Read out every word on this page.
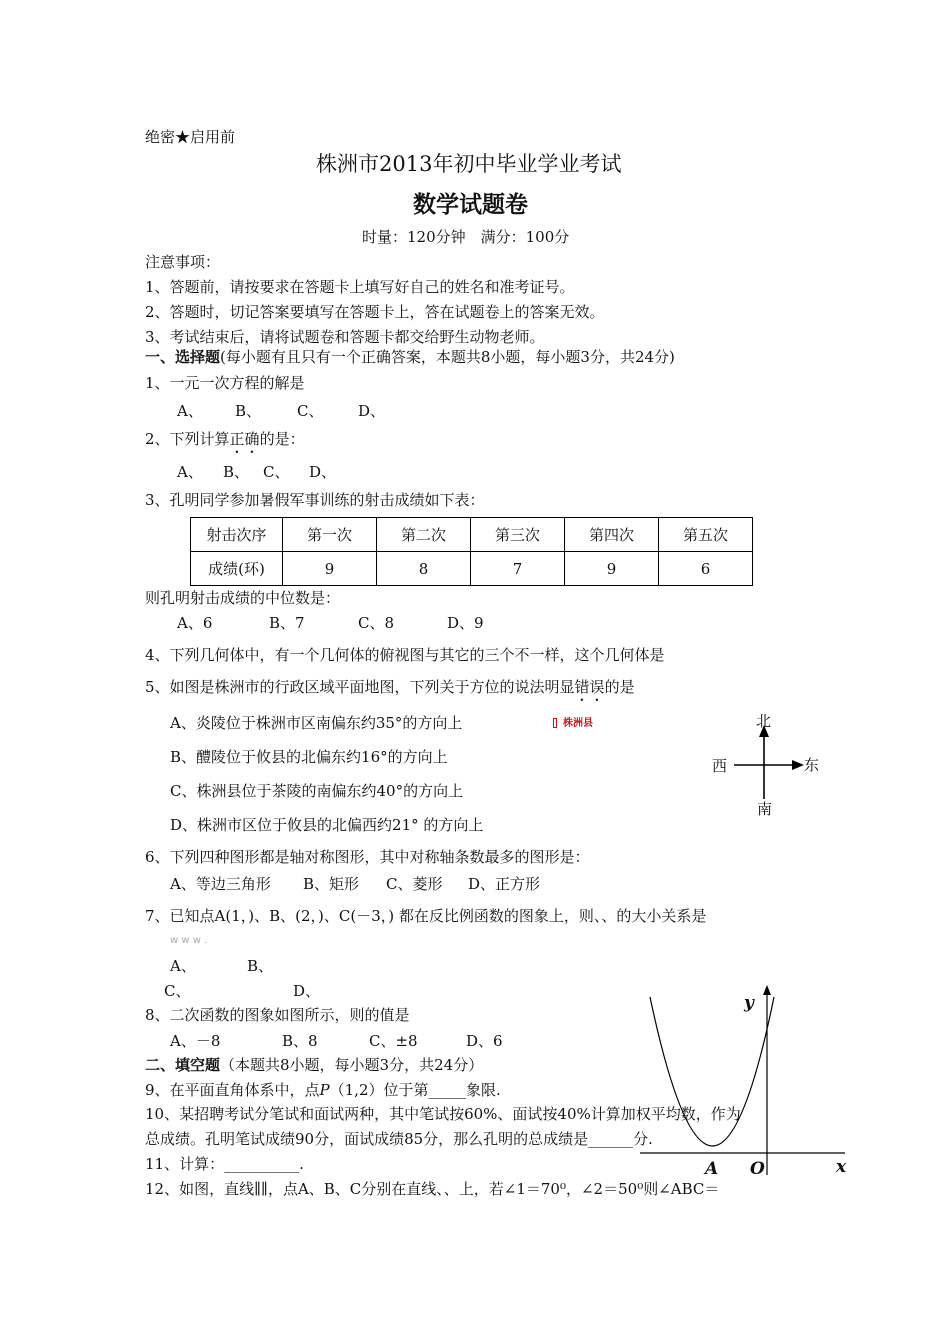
绝密★启用前
株洲市2013年初中毕业学业考试
数学试题卷
时量：120分钟　满分：100分
注意事项：
1、答题前，请按要求在答题卡上填写好自己的姓名和准考证号。
2、答题时，切记答案要填写在答题卡上，答在试题卷上的答案无效。
3、考试结束后，请将试题卷和答题卡都交给野生动物老师。
一、选择题(每小题有且只有一个正确答案，本题共8小题，每小题3分，共24分)
1、一元一次方程的解是
A、 B、 C、 D、
2、下列计算正确的是：
A、 B、 C、 D、
3、孔明同学参加暑假军事训练的射击成绩如下表：
射击次序	第一次	第二次	第三次	第四次	第五次
成绩(环)	9	8	7	9	6
则孔明射击成绩的中位数是：
A、6	B、7	C、8	D、9
4、下列几何体中，有一个几何体的俯视图与其它的三个不一样，这个几何体是
5、如图是株洲市的行政区域平面地图，下列关于方位的说法明显错误的是
A、炎陵位于株洲市区南偏东约35°的方向上
B、醴陵位于攸县的北偏东约16°的方向上
C、株洲县位于茶陵的南偏东约40°的方向上
D、株洲市区位于攸县的北偏西约21° 的方向上
株洲县	北
南
东
西
6、下列四种图形都是轴对称图形，其中对称轴条数最多的图形是：
A、等边三角形 B、矩形 C、菱形 D、正方形
7、已知点A(1，)、B、(2，)、C(－3，) 都在反比例函数的图象上，则、、的大小关系是
w w w .
A、	B、
C、	D、
8、二次函数的图象如图所示，则的值是
A、－8	B、8	C、±8	D、6
y
x
A O
二、填空题（本题共8小题，每小题3分，共24分）
9、在平面直角体系中，点P（1,2）位于第_____象限.
10、某招聘考试分笔试和面试两种，其中笔试按60%、面试按40%计算加权平均数，作为
总成绩。孔明笔试成绩90分，面试成绩85分，那么孔明的总成绩是______分.
11、计算：__________.
12、如图，直线∥∥，点A、B、C分别在直线、、上，若∠1＝70⁰，∠2＝50⁰则∠ABC＝
